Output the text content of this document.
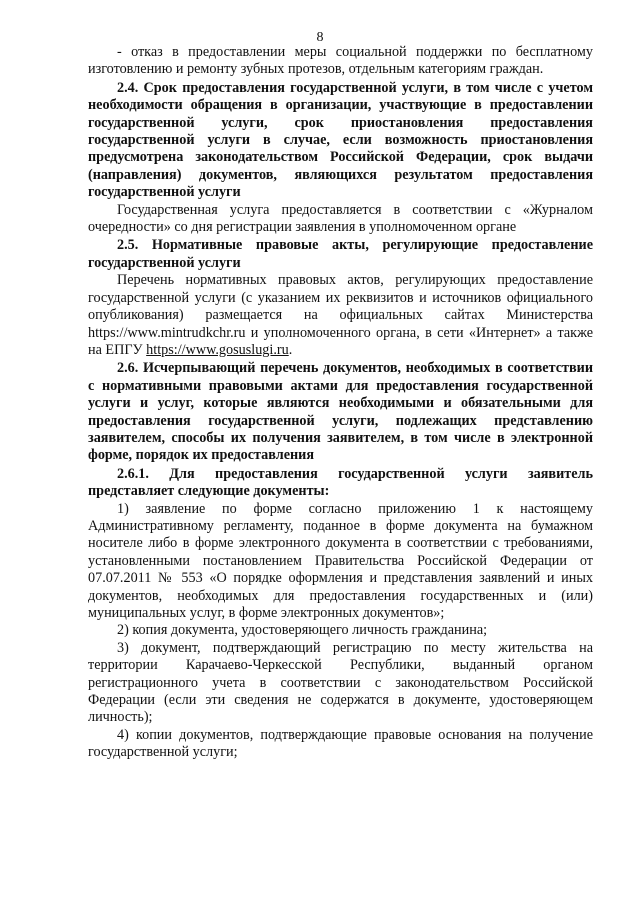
8

- отказ в предоставлении меры социальной поддержки по бесплатному изготовлению и ремонту зубных протезов, отдельным категориям граждан.

2.4. Срок предоставления государственной услуги, в том числе с учетом необходимости обращения в организации, участвующие в предоставлении государственной услуги, срок приостановления предоставления государственной услуги в случае, если возможность приостановления предусмотрена законодательством Российской Федерации, срок выдачи (направления) документов, являющихся результатом предоставления государственной услуги

Государственная услуга предоставляется в соответствии с «Журналом очередности» со дня регистрации заявления в уполномоченном органе

2.5. Нормативные правовые акты, регулирующие предоставление государственной услуги

Перечень нормативных правовых актов, регулирующих предоставление государственной услуги (с указанием их реквизитов и источников официального опубликования) размещается на официальных сайтах Министерства https://www.mintrudkchr.ru и уполномоченного органа, в сети «Интернет» а также на ЕПГУ https://www.gosuslugi.ru.

2.6. Исчерпывающий перечень документов, необходимых в соответствии с нормативными правовыми актами для предоставления государственной услуги и услуг, которые являются необходимыми и обязательными для предоставления государственной услуги, подлежащих представлению заявителем, способы их получения заявителем, в том числе в электронной форме, порядок их предоставления

2.6.1. Для предоставления государственной услуги заявитель представляет следующие документы:

1) заявление по форме согласно приложению 1 к настоящему Административному регламенту, поданное в форме документа на бумажном носителе либо в форме электронного документа в соответствии с требованиями, установленными постановлением Правительства Российской Федерации от 07.07.2011 № 553 «О порядке оформления и представления заявлений и иных документов, необходимых для предоставления государственных и (или) муниципальных услуг, в форме электронных документов»;

2) копия документа, удостоверяющего личность гражданина;

3) документ, подтверждающий регистрацию по месту жительства на территории Карачаево-Черкесской Республики, выданный органом регистрационного учета в соответствии с законодательством Российской Федерации (если эти сведения не содержатся в документе, удостоверяющем личность);

4) копии документов, подтверждающие правовые основания на получение государственной услуги;
